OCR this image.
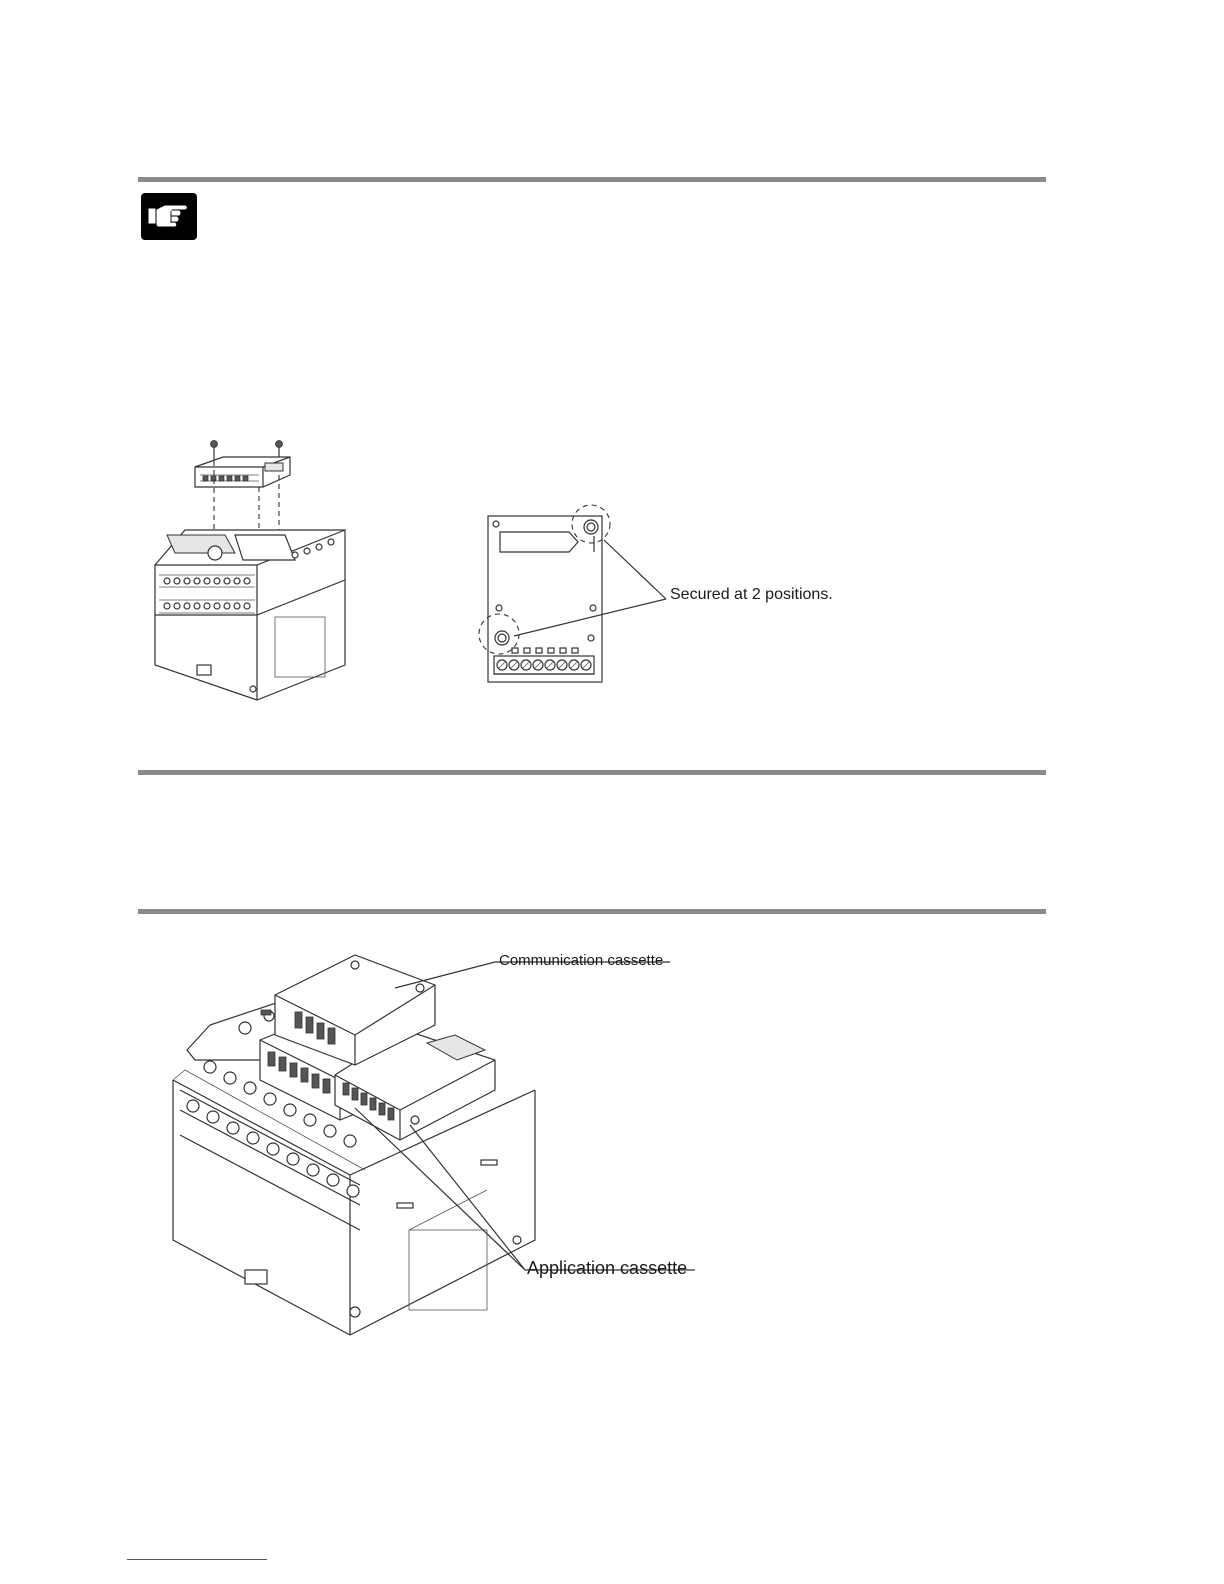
Secured at 2 positions.
Communication cassette
Application cassette
